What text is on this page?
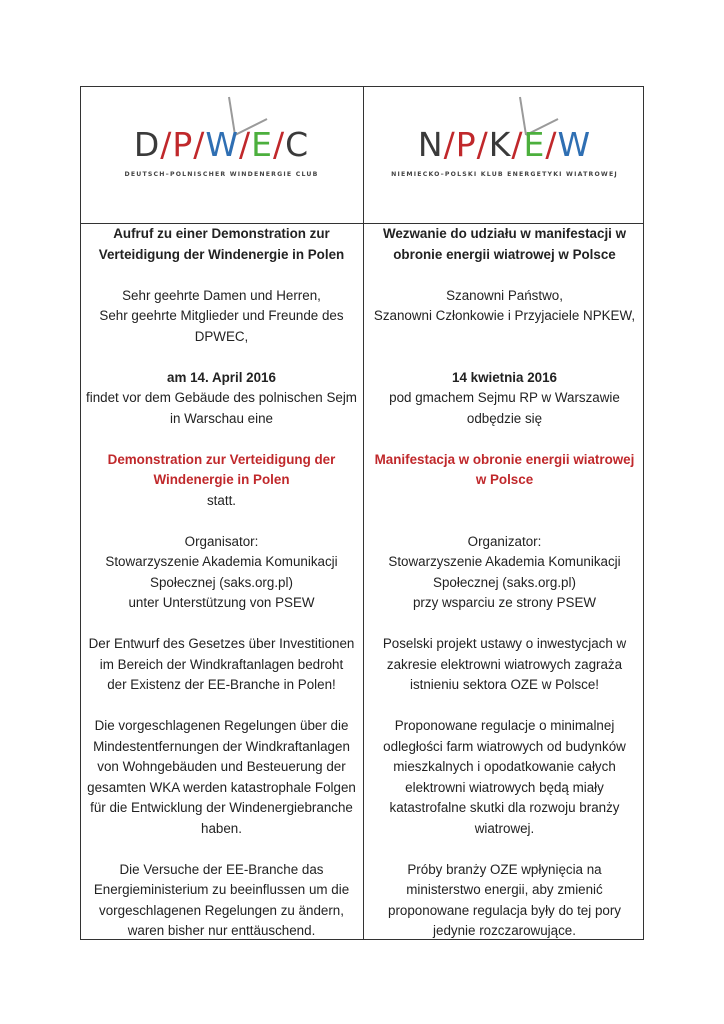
D/P/W/E/C
DEUTSCH–POLNISCHER WINDENERGIE CLUB
N/P/K/E/W
NIEMIECKO–POLSKI KLUB ENERGETYKI WIATROWEJ

Aufruf zu einer Demonstration zur

Verteidigung der Windenergie in Polen

Sehr geehrte Damen und Herren,

Sehr geehrte Mitglieder und Freunde des

DPWEC,

am 14. April 2016

findet vor dem Gebäude des polnischen Sejm

in Warschau eine

Demonstration zur Verteidigung der

Windenergie in Polen

statt.

Organisator:

Stowarzyszenie Akademia Komunikacji

Społecznej (saks.org.pl)

unter Unterstützung von PSEW

Der Entwurf des Gesetzes über Investitionen

im Bereich der Windkraftanlagen bedroht

der Existenz der EE-Branche in Polen!

Die vorgeschlagenen Regelungen über die

Mindestentfernungen der Windkraftanlagen

von Wohngebäuden und Besteuerung der

gesamten WKA werden katastrophale Folgen

für die Entwicklung der Windenergiebranche

haben.

Die Versuche der EE-Branche das

Energieministerium zu beeinflussen um die

vorgeschlagenen Regelungen zu ändern,

waren bisher nur enttäuschend.

Wezwanie do udziału w manifestacji w

obronie energii wiatrowej w Polsce

Szanowni Państwo,

Szanowni Członkowie i Przyjaciele NPKEW,

14 kwietnia 2016

pod gmachem Sejmu RP w Warszawie

odbędzie się

Manifestacja w obronie energii wiatrowej

w Polsce

Organizator:

Stowarzyszenie Akademia Komunikacji

Społecznej (saks.org.pl)

przy wsparciu ze strony PSEW

Poselski projekt ustawy o inwestycjach w

zakresie elektrowni wiatrowych zagraża

istnieniu sektora OZE w Polsce!

Proponowane regulacje o minimalnej

odległości farm wiatrowych od budynków

mieszkalnych i opodatkowanie całych

elektrowni wiatrowych będą miały

katastrofalne skutki dla rozwoju branży

wiatrowej.

Próby branży OZE wpłynięcia na

ministerstwo energii, aby zmienić

proponowane regulacja były do tej pory

jedynie rozczarowujące.
